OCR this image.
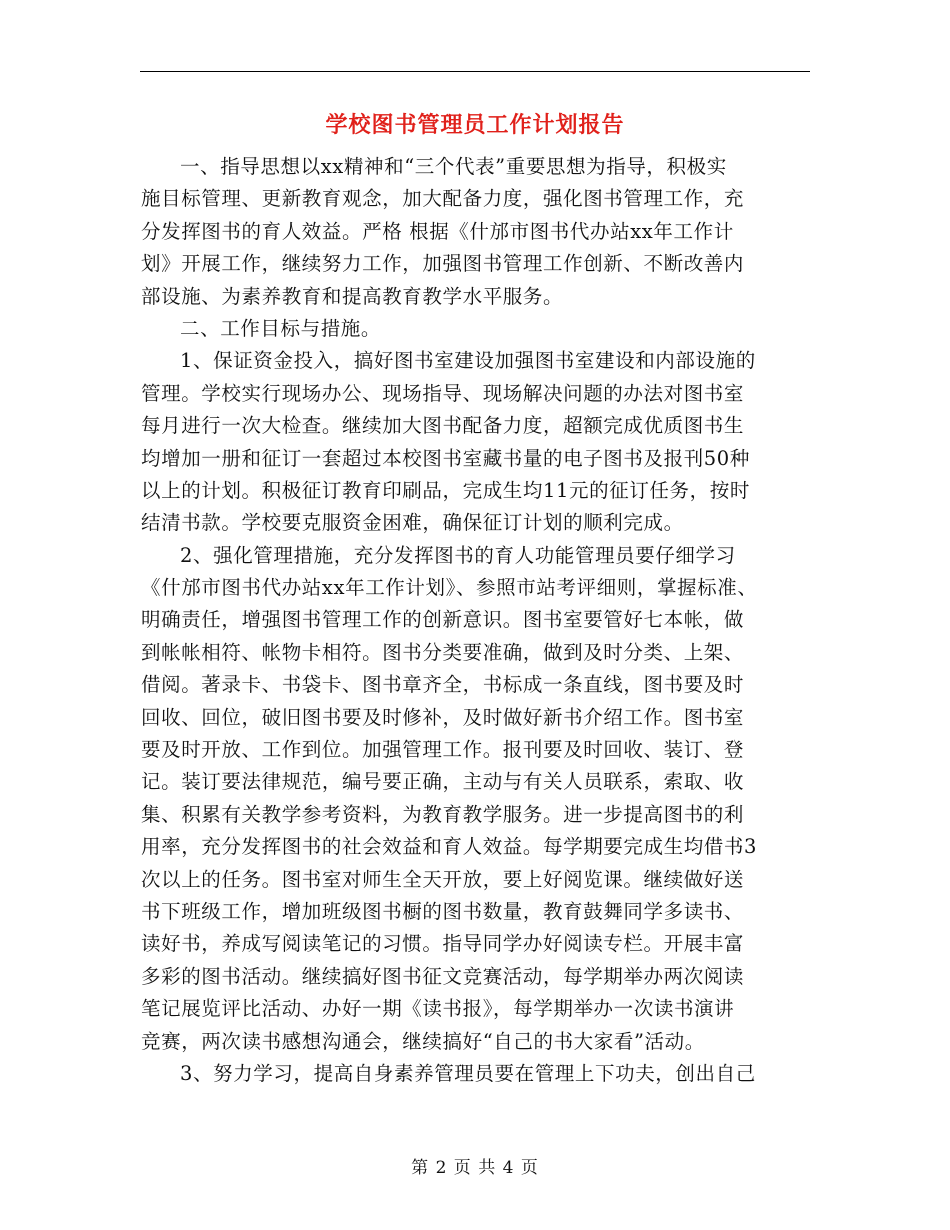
学校图书管理员工作计划报告
一、指导思想以xx精神和“三个代表”重要思想为指导，积极实
施目标管理、更新教育观念，加大配备力度，强化图书管理工作，充
分发挥图书的育人效益。严格 根据《什邡市图书代办站xx年工作计
划》开展工作，继续努力工作，加强图书管理工作创新、不断改善内
部设施、为素养教育和提高教育教学水平服务。
二、工作目标与措施。
1、保证资金投入，搞好图书室建设加强图书室建设和内部设施的
管理。学校实行现场办公、现场指导、现场解决问题的办法对图书室
每月进行一次大检查。继续加大图书配备力度，超额完成优质图书生
均增加一册和征订一套超过本校图书室藏书量的电子图书及报刊50种
以上的计划。积极征订教育印刷品，完成生均11元的征订任务，按时
结清书款。学校要克服资金困难，确保征订计划的顺利完成。
2、强化管理措施，充分发挥图书的育人功能管理员要仔细学习
《什邡市图书代办站xx年工作计划》、参照市站考评细则，掌握标准、
明确责任，增强图书管理工作的创新意识。图书室要管好七本帐，做
到帐帐相符、帐物卡相符。图书分类要准确，做到及时分类、上架、
借阅。著录卡、书袋卡、图书章齐全，书标成一条直线，图书要及时
回收、回位，破旧图书要及时修补，及时做好新书介绍工作。图书室
要及时开放、工作到位。加强管理工作。报刊要及时回收、装订、登
记。装订要法律规范，编号要正确，主动与有关人员联系，索取、收
集、积累有关教学参考资料，为教育教学服务。进一步提高图书的利
用率，充分发挥图书的社会效益和育人效益。每学期要完成生均借书3
次以上的任务。图书室对师生全天开放，要上好阅览课。继续做好送
书下班级工作，增加班级图书橱的图书数量，教育鼓舞同学多读书、
读好书，养成写阅读笔记的习惯。指导同学办好阅读专栏。开展丰富
多彩的图书活动。继续搞好图书征文竞赛活动，每学期举办两次阅读
笔记展览评比活动、办好一期《读书报》，每学期举办一次读书演讲
竞赛，两次读书感想沟通会，继续搞好“自己的书大家看”活动。
3、努力学习，提高自身素养管理员要在管理上下功夫，创出自己
第 2 页 共 4 页
